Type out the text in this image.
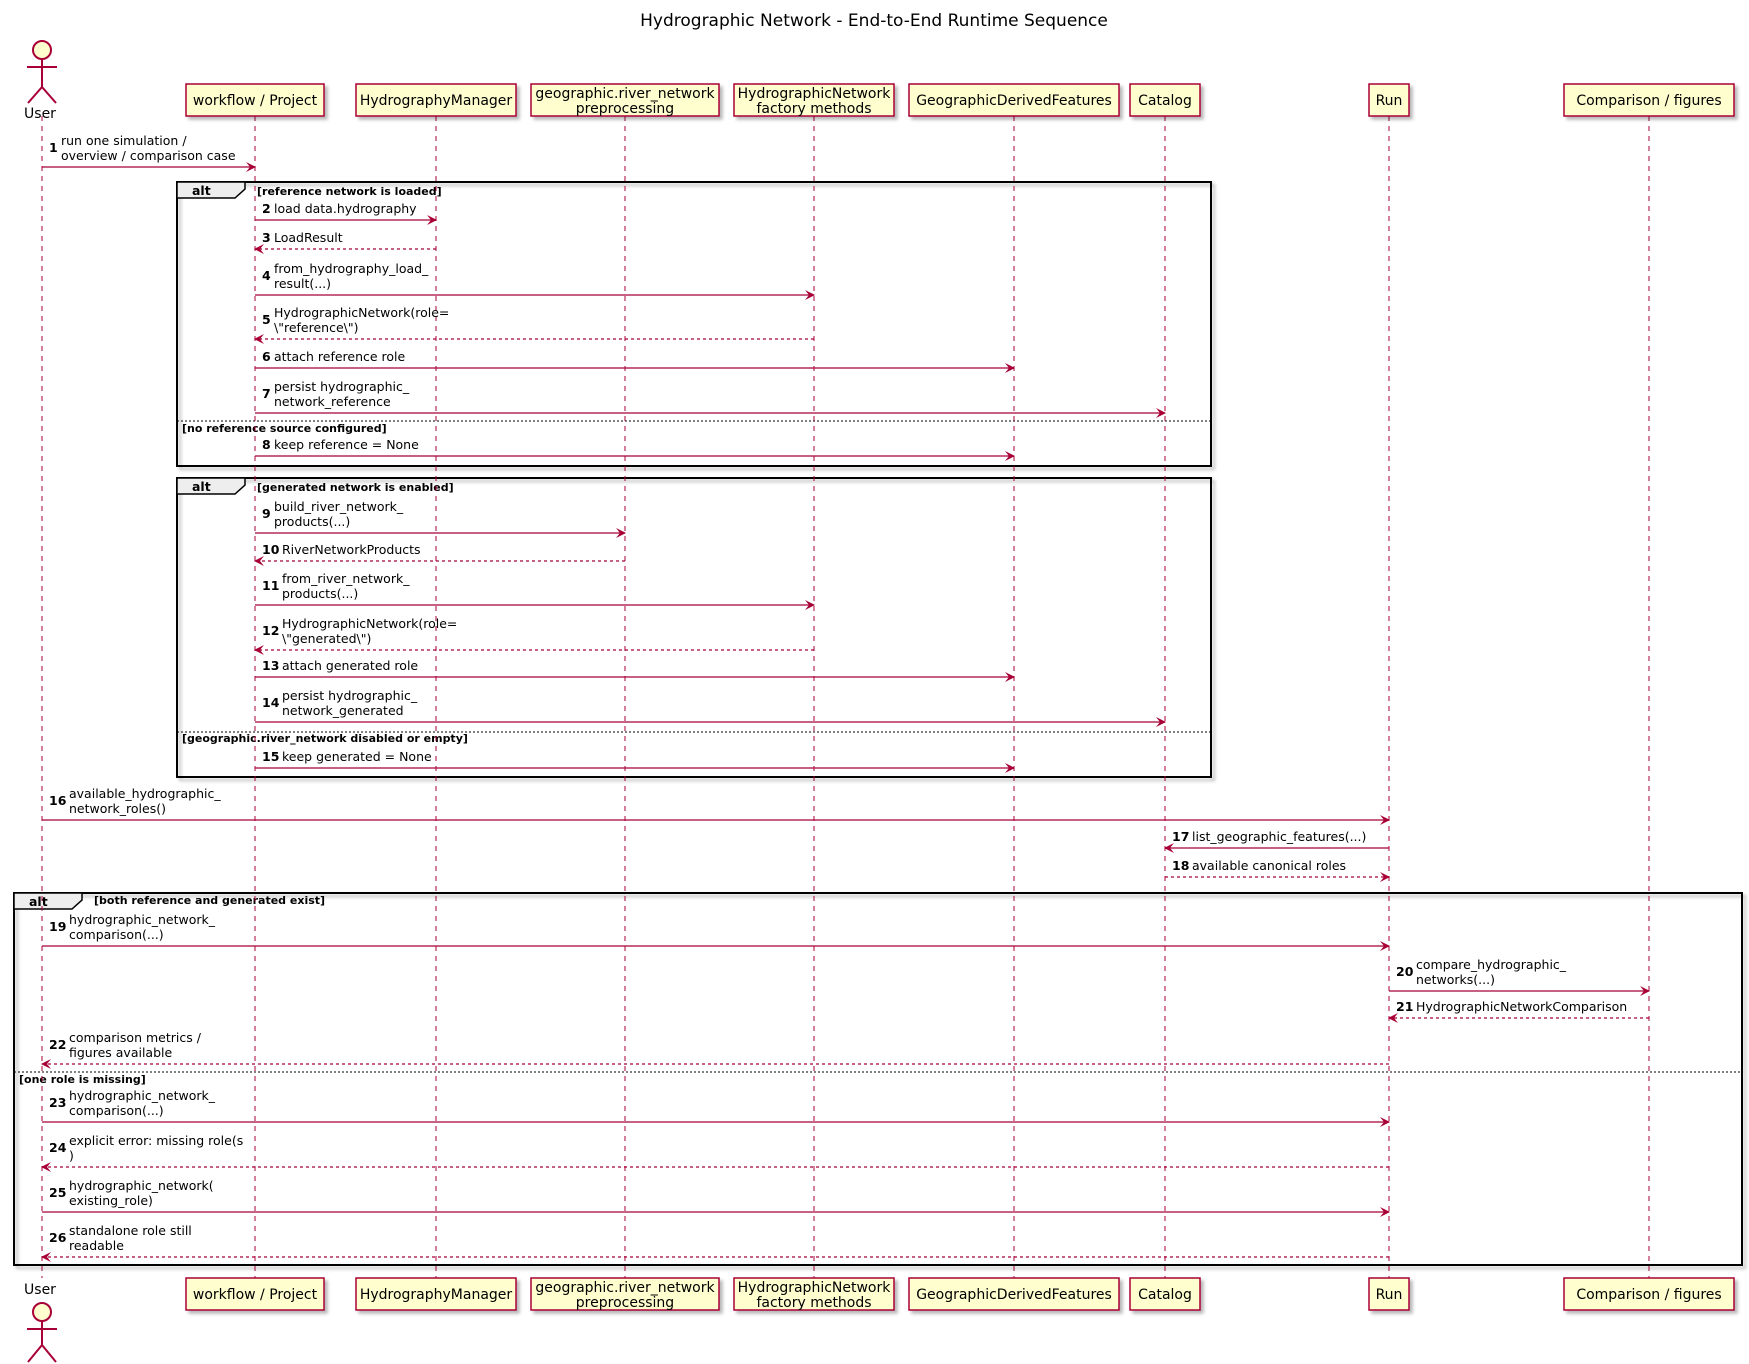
Hydrographic Network - End-to-End Runtime Sequence
alt	[reference network is loaded]
[no reference source configured]
alt	[generated network is enabled]
[geographic.river_network disabled or empty]
alt	[both reference and generated exist]
[one role is missing]
1 run one simulation /
overview / comparison case
2 load data.hydrography
3 LoadResult
4 from_hydrography_load_
result(...)
5 HydrographicNetwork(role=
\"reference\")
6 attach reference role
7 persist hydrographic_
network_reference
8 keep reference = None
9 build_river_network_
products(...)
10 RiverNetworkProducts
11 from_river_network_
products(...)
12 HydrographicNetwork(role=
\"generated\")
13 attach generated role
14 persist hydrographic_
network_generated
15 keep generated = None
16 available_hydrographic_
network_roles()
17 list_geographic_features(...)
18 available canonical roles
19 hydrographic_network_
comparison(...)
20 compare_hydrographic_
networks(...)
21 HydrographicNetworkComparison
22 comparison metrics /
figures available
23 hydrographic_network_
comparison(...)
24 explicit error: missing role(s
)
25 hydrographic_network(
existing_role)
26 standalone role still
readable
User
User
workflow / Project
workflow / Project
HydrographyManager
HydrographyManager
geographic.river_network
preprocessing
geographic.river_network
preprocessing
HydrographicNetwork
factory methods
HydrographicNetwork
factory methods
GeographicDerivedFeatures
GeographicDerivedFeatures
Catalog
Catalog
Run
Run
Comparison / figures
Comparison / figures
